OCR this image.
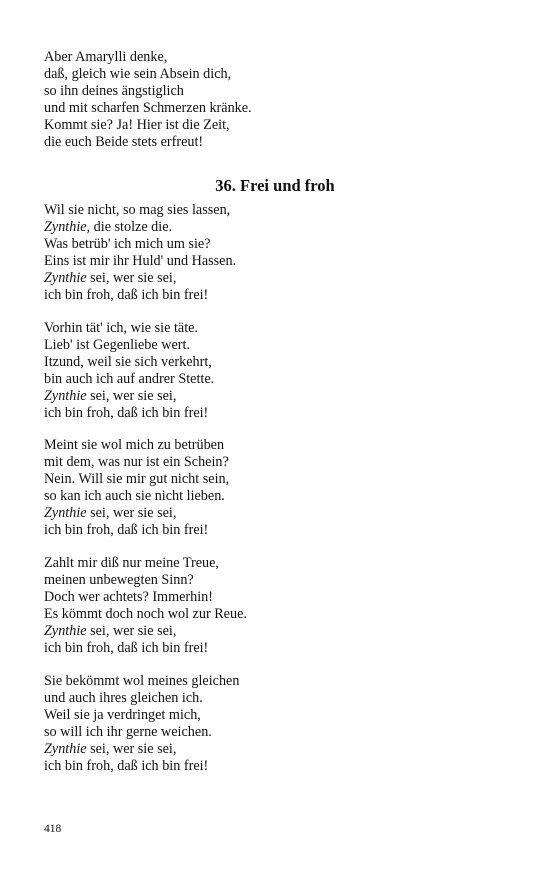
Aber Amarylli denke,
daß, gleich wie sein Absein dich,
so ihn deines ängstiglich
und mit scharfen Schmerzen kränke.
Kommt sie? Ja! Hier ist die Zeit,
die euch Beide stets erfreut!
36. Frei und froh
Wil sie nicht, so mag sies lassen,
Zynthie, die stolze die.
Was betrüb' ich mich um sie?
Eins ist mir ihr Huld' und Hassen.
Zynthie sei, wer sie sei,
ich bin froh, daß ich bin frei!
Vorhin tät' ich, wie sie täte.
Lieb' ist Gegenliebe wert.
Itzund, weil sie sich verkehrt,
bin auch ich auf andrer Stette.
Zynthie sei, wer sie sei,
ich bin froh, daß ich bin frei!
Meint sie wol mich zu betrüben
mit dem, was nur ist ein Schein?
Nein. Will sie mir gut nicht sein,
so kan ich auch sie nicht lieben.
Zynthie sei, wer sie sei,
ich bin froh, daß ich bin frei!
Zahlt mir diß nur meine Treue,
meinen unbewegten Sinn?
Doch wer achtets? Immerhin!
Es kömmt doch noch wol zur Reue.
Zynthie sei, wer sie sei,
ich bin froh, daß ich bin frei!
Sie bekömmt wol meines gleichen
und auch ihres gleichen ich.
Weil sie ja verdringet mich,
so will ich ihr gerne weichen.
Zynthie sei, wer sie sei,
ich bin froh, daß ich bin frei!
418
